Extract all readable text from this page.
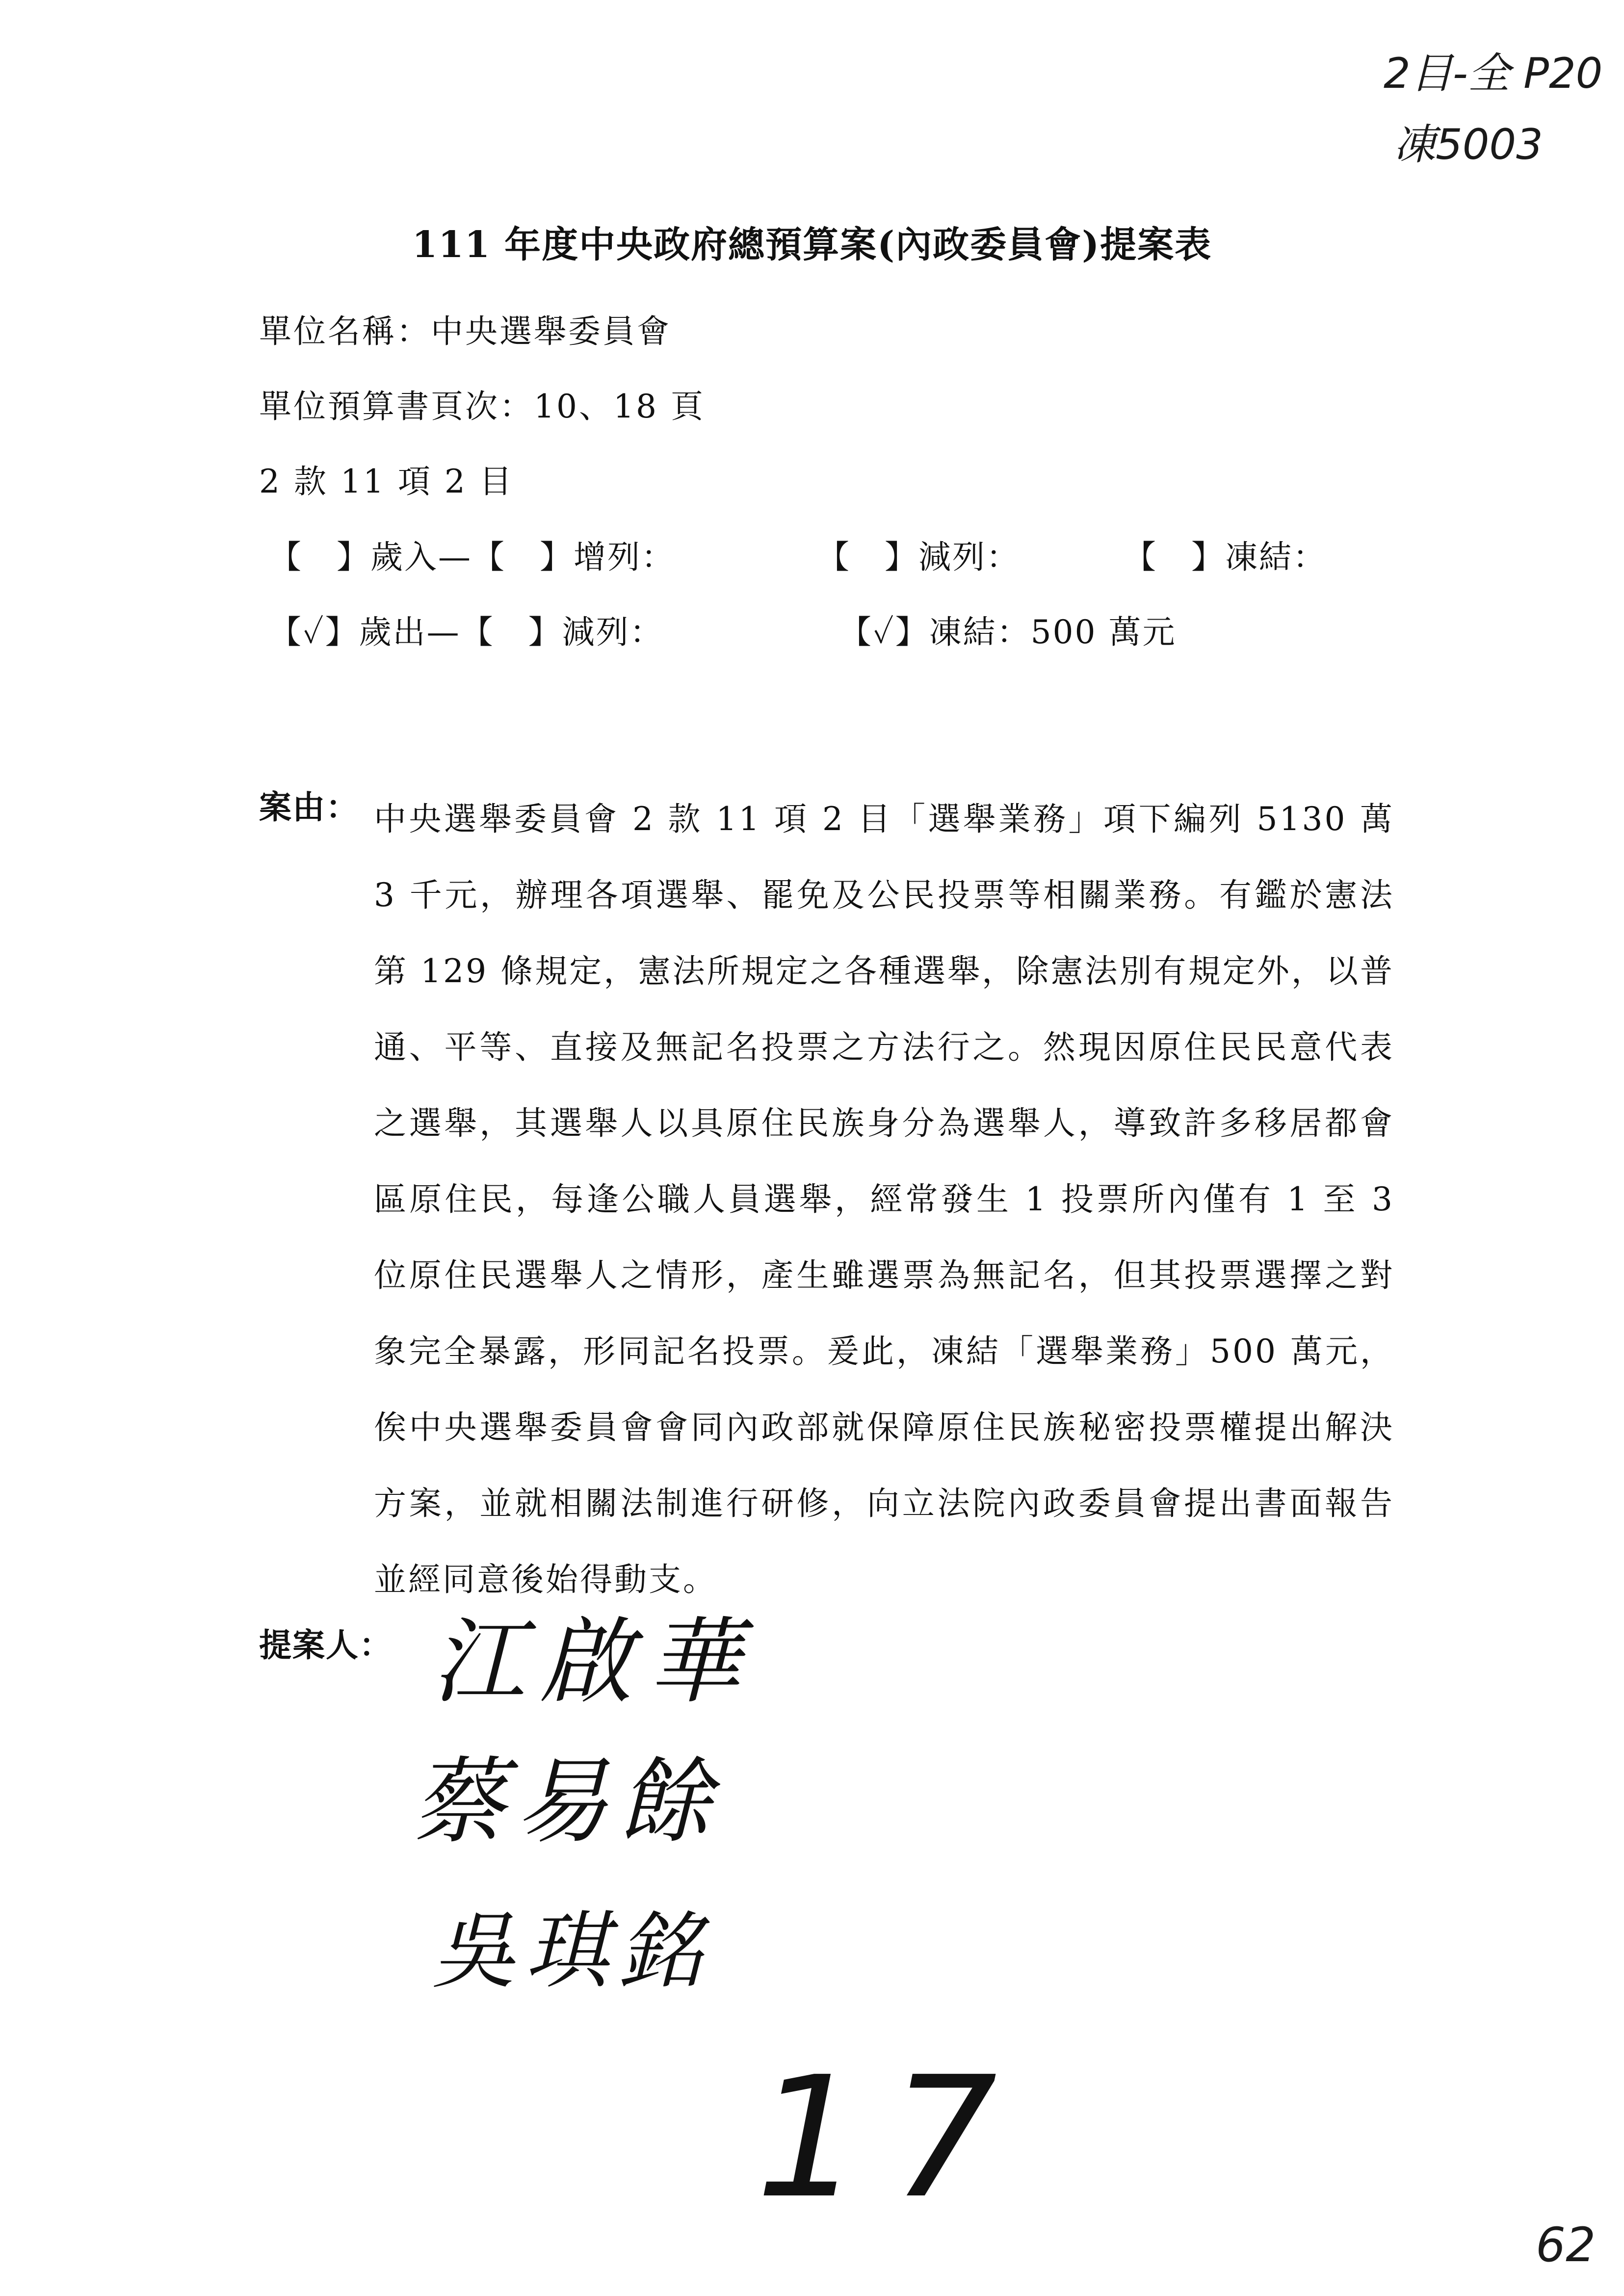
2目-全 P20
凍5003
111 年度中央政府總預算案(內政委員會)提案表
單位名稱：中央選舉委員會
單位預算書頁次：10、18 頁
2 款 11 項 2 目
【　】歲入—【　】增列：	【　】減列：	【　】凍結：
【✓】歲出—【　】減列：	【✓】凍結：500 萬元
案由： 中央選舉委員會 2 款 11 項 2 目「選舉業務」項下編列 5130 萬 3 千元，辦理各項選舉、罷免及公民投票等相關業務。有鑑於憲法第 129 條規定，憲法所規定之各種選舉，除憲法別有規定外，以普通、平等、直接及無記名投票之方法行之。然現因原住民民意代表之選舉，其選舉人以具原住民族身分為選舉人，導致許多移居都會區原住民，每逢公職人員選舉，經常發生 1 投票所內僅有 1 至 3 位原住民選舉人之情形，產生雖選票為無記名，但其投票選擇之對象完全暴露，形同記名投票。爰此，凍結「選舉業務」500 萬元，俟中央選舉委員會會同內政部就保障原住民族秘密投票權提出解決方案，並就相關法制進行研修，向立法院內政委員會提出書面報告並經同意後始得動支。

提案人： 江啟華
蔡易餘
吳琪銘
17
62
